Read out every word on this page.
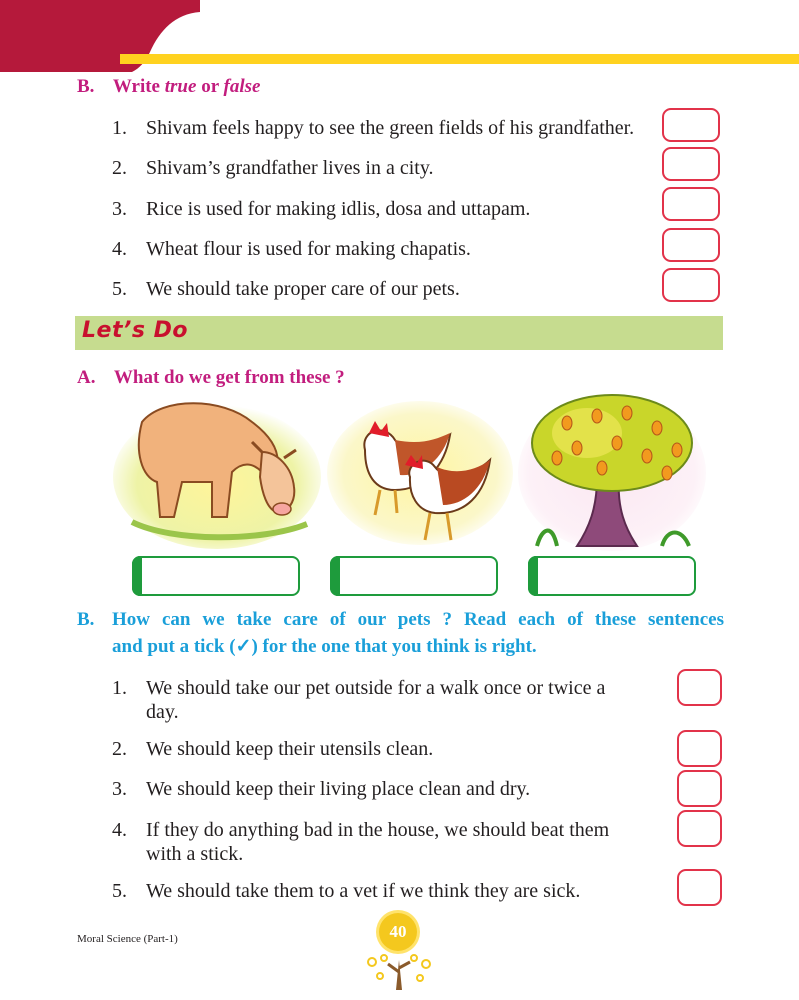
B. Write true or false
1. Shivam feels happy to see the green fields of his grandfather.
2. Shivam’s grandfather lives in a city.
3. Rice is used for making idlis, dosa and uttapam.
4. Wheat flour is used for making chapatis.
5. We should take proper care of our pets.
Let’s Do
A. What do we get from these ?
B. How can we take care of our pets ? Read each of these sentences
and put a tick (✓) for the one that you think is right.
1. We should take our pet outside for a walk once or twice a
day.
2. We should keep their utensils clean.
3. We should keep their living place clean and dry.
4. If they do anything bad in the house, we should beat them
with a stick.
5. We should take them to a vet if we think they are sick.
Moral Science (Part-1)	40
